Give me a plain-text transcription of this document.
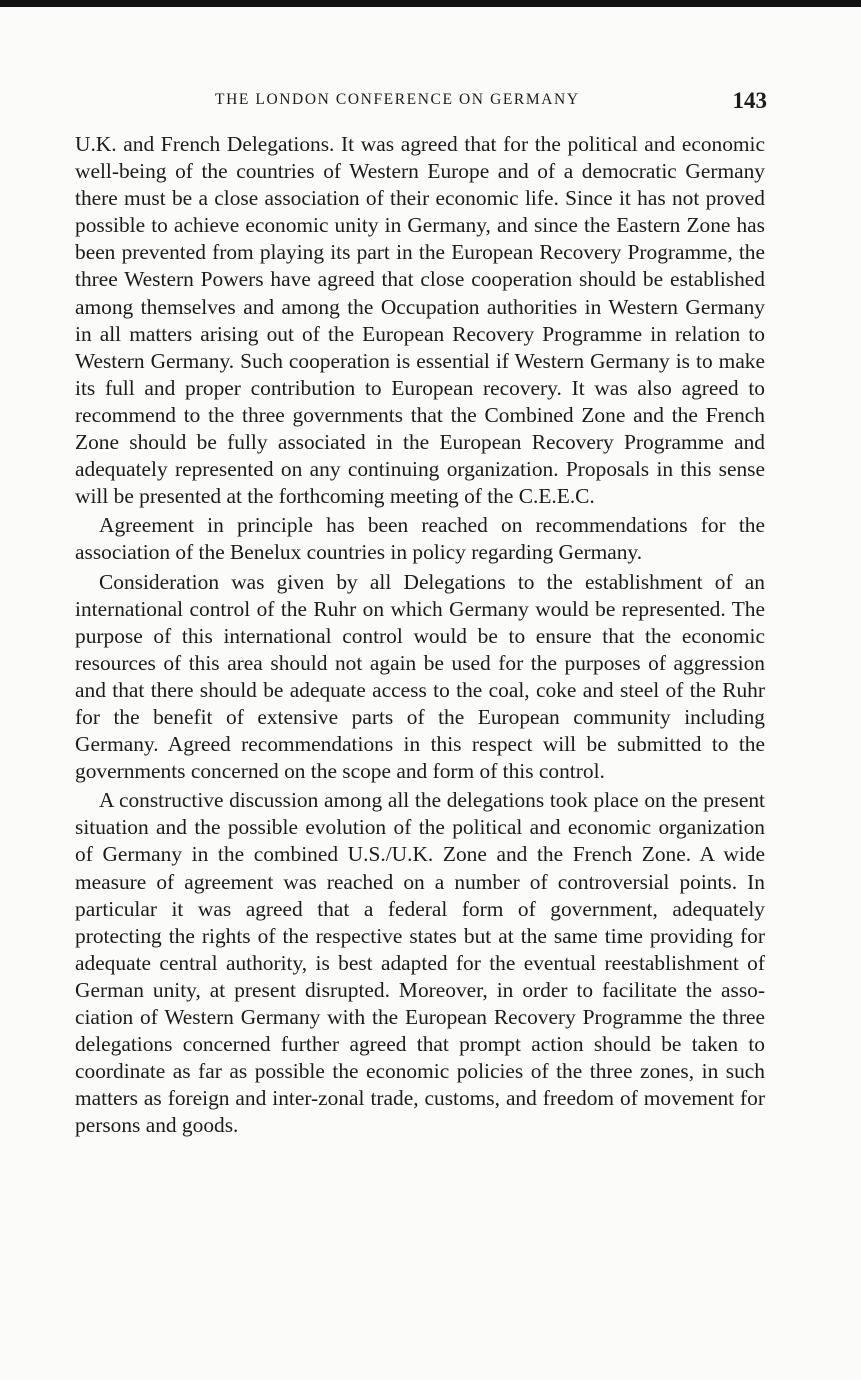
THE LONDON CONFERENCE ON GERMANY	143

U.K. and French Delegations. It was agreed that for the political and economic well-being of the countries of Western Europe and of a democratic Germany there must be a close association of their economic life. Since it has not proved possible to achieve economic unity in Germany, and since the Eastern Zone has been prevented from playing its part in the European Recovery Programme, the three Western Powers have agreed that close cooperation should be established among themselves and among the Occupation authorities in Western Germany in all matters arising out of the European Recovery Programme in relation to Western Germany. Such cooperation is essential if Western Germany is to make its full and proper contribution to European recovery. It was also agreed to recommend to the three governments that the Combined Zone and the French Zone should be fully associated in the European Recovery Programme and adequately represented on any continuing organization. Proposals in this sense will be presented at the forthcoming meeting of the C.E.E.C.

Agreement in principle has been reached on recommendations for the association of the Benelux countries in policy regarding Germany.

Consideration was given by all Delegations to the establishment of an international control of the Ruhr on which Germany would be represented. The purpose of this international control would be to ensure that the economic resources of this area should not again be used for the purposes of aggression and that there should be adequate access to the coal, coke and steel of the Ruhr for the benefit of extensive parts of the European community including Germany. Agreed recommendations in this respect will be submitted to the governments concerned on the scope and form of this control.

A constructive discussion among all the delegations took place on the present situation and the possible evolution of the political and economic organization of Germany in the combined U.S./U.K. Zone and the French Zone. A wide measure of agreement was reached on a number of controversial points. In particular it was agreed that a federal form of government, adequately protecting the rights of the respective states but at the same time providing for adequate central authority, is best adapted for the eventual reestablishment of German unity, at present disrupted. Moreover, in order to facilitate the association of Western Germany with the European Recovery Programme the three delegations concerned further agreed that prompt action should be taken to coordinate as far as possible the economic policies of the three zones, in such matters as foreign and inter-zonal trade, customs, and freedom of movement for persons and goods.
